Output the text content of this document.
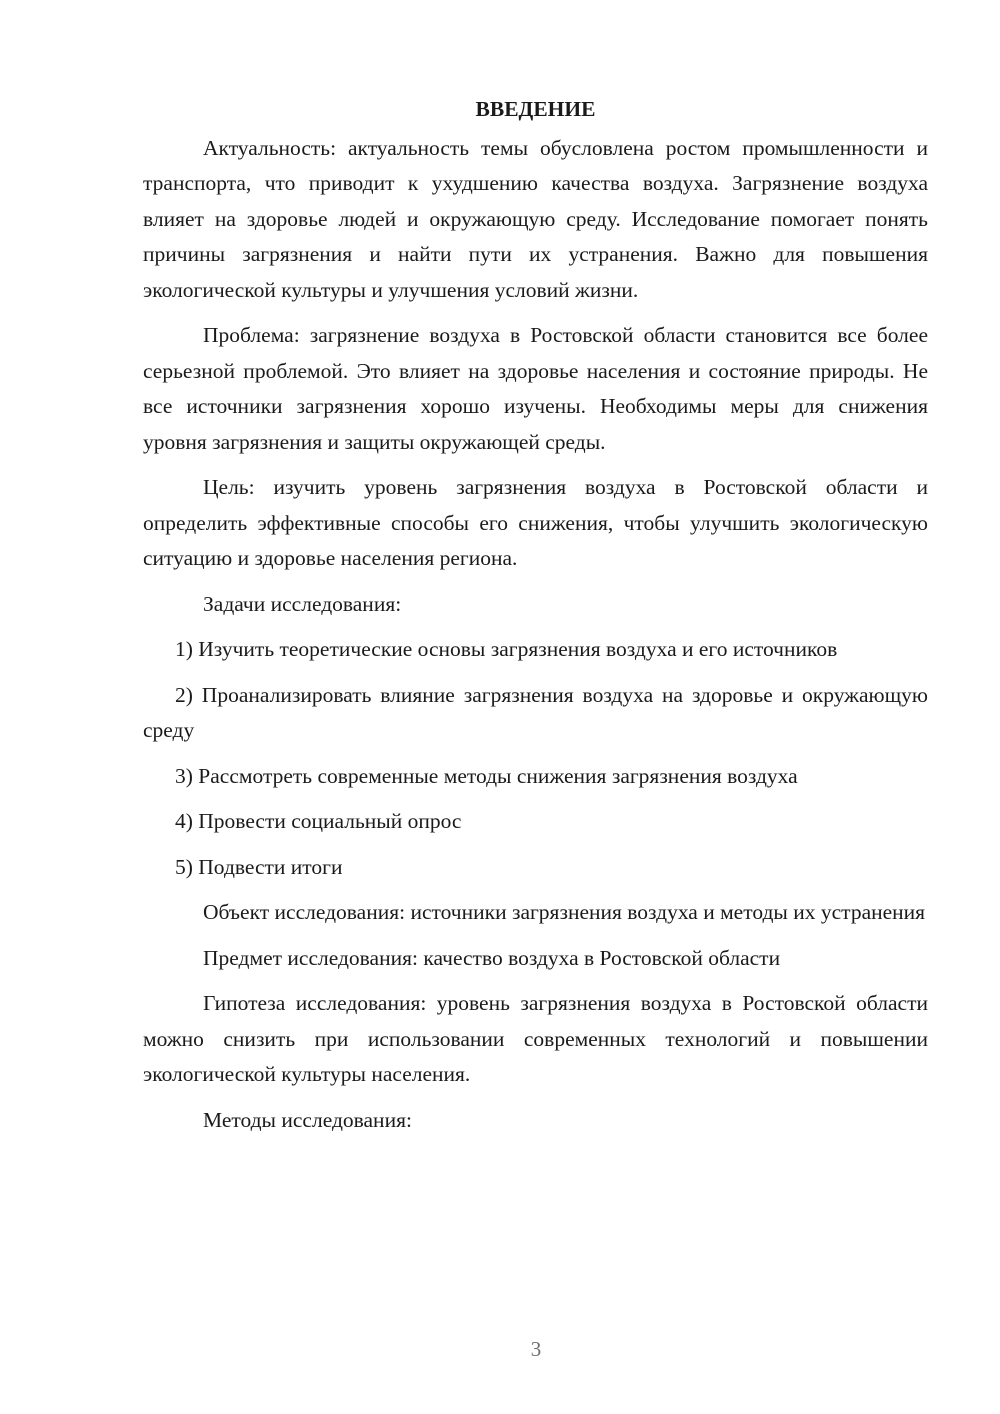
ВВЕДЕНИЕ

Актуальность: актуальность темы обусловлена ростом промышленности и транспорта, что приводит к ухудшению качества воздуха. Загрязнение воздуха влияет на здоровье людей и окружающую среду. Исследование помогает понять причины загрязнения и найти пути их устранения. Важно для повышения экологической культуры и улучшения условий жизни.

Проблема: загрязнение воздуха в Ростовской области становится все более серьезной проблемой. Это влияет на здоровье населения и состояние природы. Не все источники загрязнения хорошо изучены. Необходимы меры для снижения уровня загрязнения и защиты окружающей среды.

Цель: изучить уровень загрязнения воздуха в Ростовской области и определить эффективные способы его снижения, чтобы улучшить экологическую ситуацию и здоровье населения региона.

Задачи исследования:

1) Изучить теоретические основы загрязнения воздуха и его источников

2) Проанализировать влияние загрязнения воздуха на здоровье и окружающую среду

3) Рассмотреть современные методы снижения загрязнения воздуха

4) Провести социальный опрос

5) Подвести итоги

Объект исследования: источники загрязнения воздуха и методы их устранения

Предмет исследования: качество воздуха в Ростовской области

Гипотеза исследования: уровень загрязнения воздуха в Ростовской области можно снизить при использовании современных технологий и повышении экологической культуры населения.

Методы исследования:

3
